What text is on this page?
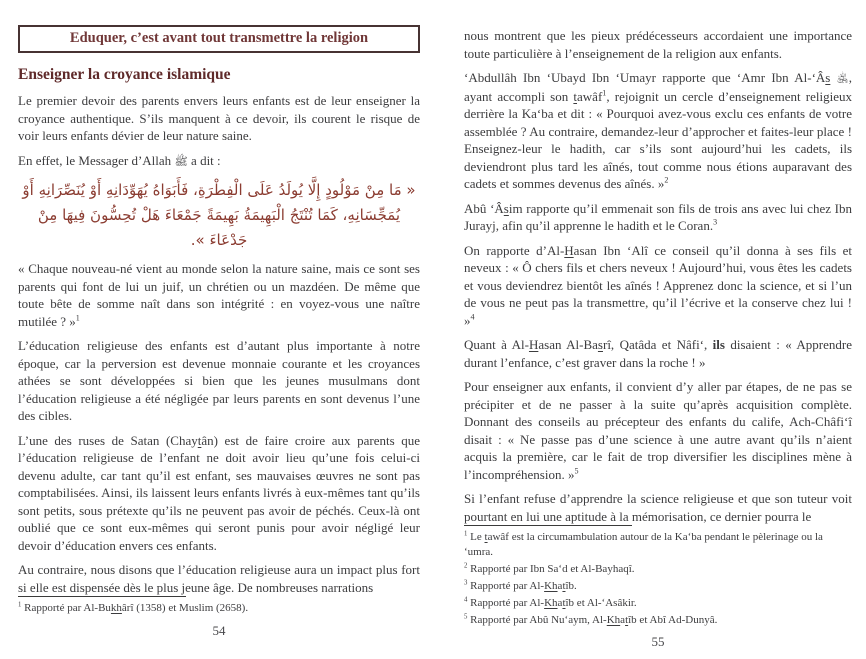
Eduquer, c’est avant tout transmettre la religion
Enseigner la croyance islamique

Le premier devoir des parents envers leurs enfants est de leur enseigner la croyance authentique. S’ils manquent à ce devoir, ils courent le risque de voir leurs enfants dévier de leur nature saine.

En effet, le Messager d’Allah ﷺ a dit :

« مَا مِنْ مَوْلُودٍ إِلَّا يُولَدُ عَلَى الْفِطْرَةِ، فَأَبَوَاهُ يُهَوِّدَانِهِ أَوْ يُنَصِّرَانِهِ أَوْ يُمَجِّسَانِهِ، كَمَا تُنْتَجُ الْبَهِيمَةُ بَهِيمَةً جَمْعَاءَ هَلْ تُحِسُّونَ فِيهَا مِنْ جَدْعَاءَ ».

« Chaque nouveau-né vient au monde selon la nature saine, mais ce sont ses parents qui font de lui un juif, un chrétien ou un mazdéen. De même que toute bête de somme naît dans son intégrité : en voyez-vous une naître mutilée ? »$^1$

L’éducation religieuse des enfants est d’autant plus importante à notre époque, car la perversion est devenue monnaie courante et les croyances athées se sont développées si bien que les jeunes musulmans dont l’éducation religieuse a été négligée par leurs parents en sont devenus l’une des cibles.

L’une des ruses de Satan (Chaytân) est de faire croire aux parents que l’éducation religieuse de l’enfant ne doit avoir lieu qu’une fois celui-ci devenu adulte, car tant qu’il est enfant, ses mauvaises œuvres ne sont pas comptabilisées. Ainsi, ils laissent leurs enfants livrés à eux-mêmes tant qu’ils sont petits, sous prétexte qu’ils ne peuvent pas avoir de péchés. Ceux-là ont oublié que ce sont eux-mêmes qui seront punis pour avoir négligé leur devoir d’éducation envers ces enfants.

Au contraire, nous disons que l’éducation religieuse aura un impact plus fort si elle est dispensée dès le plus jeune âge. De nombreuses narrations

$^1$ Rapporté par Al-Bukhârî (1358) et Muslim (2658).

54

nous montrent que les pieux prédécesseurs accordaient une importance toute particulière à l’enseignement de la religion aux enfants.

‘Abdullâh Ibn ‘Ubayd Ibn ‘Umayr rapporte que ‘Amr Ibn Al-‘Âs ﵁, ayant accompli son tawâf$^1$, rejoignit un cercle d’enseignement religieux derrière la Ka‘ba et dit : « Pourquoi avez-vous exclu ces enfants de votre assemblée ? Au contraire, demandez-leur d’approcher et faites-leur place ! Enseignez-leur le hadith, car s’ils sont aujourd’hui les cadets, ils deviendront plus tard les aînés, tout comme nous étions auparavant des cadets et sommes devenus des aînés. »$^2$

Abû ‘Âsim rapporte qu’il emmenait son fils de trois ans avec lui chez Ibn Jurayj, afin qu’il apprenne le hadith et le Coran.$^3$

On rapporte d’Al-Hasan Ibn ‘Alî ce conseil qu’il donna à ses fils et neveux : « Ô chers fils et chers neveux ! Aujourd’hui, vous êtes les cadets et vous deviendrez bientôt les aînés ! Apprenez donc la science, et si l’un de vous ne peut pas la transmettre, qu’il l’écrive et la conserve chez lui ! »$^4$

Quant à Al-Hasan Al-Basrî, Qatâda et Nâfi‘, ils disaient : « Apprendre durant l’enfance, c’est graver dans la roche ! »

Pour enseigner aux enfants, il convient d’y aller par étapes, de ne pas se précipiter et de ne passer à la suite qu’après acquisition complète. Donnant des conseils au précepteur des enfants du calife, Ach-Châfi‘î disait : « Ne passe pas d’une science à une autre avant qu’ils n’aient acquis la première, car le fait de trop diversifier les disciplines mène à l’incompréhension. »$^5$

Si l’enfant refuse d’apprendre la science religieuse et que son tuteur voit pourtant en lui une aptitude à la mémorisation, ce dernier pourra le

$^1$ Le tawâf est la circumambulation autour de la Ka‘ba pendant le pèlerinage ou la ‘umra.

$^2$ Rapporté par Ibn Sa‘d et Al-Bayhaqî.

$^3$ Rapporté par Al-Khatîb.

$^4$ Rapporté par Al-Khatîb et Al-‘Asâkir.

$^5$ Rapporté par Abû Nu‘aym, Al-Khatîb et Abî Ad-Dunyâ.

55
